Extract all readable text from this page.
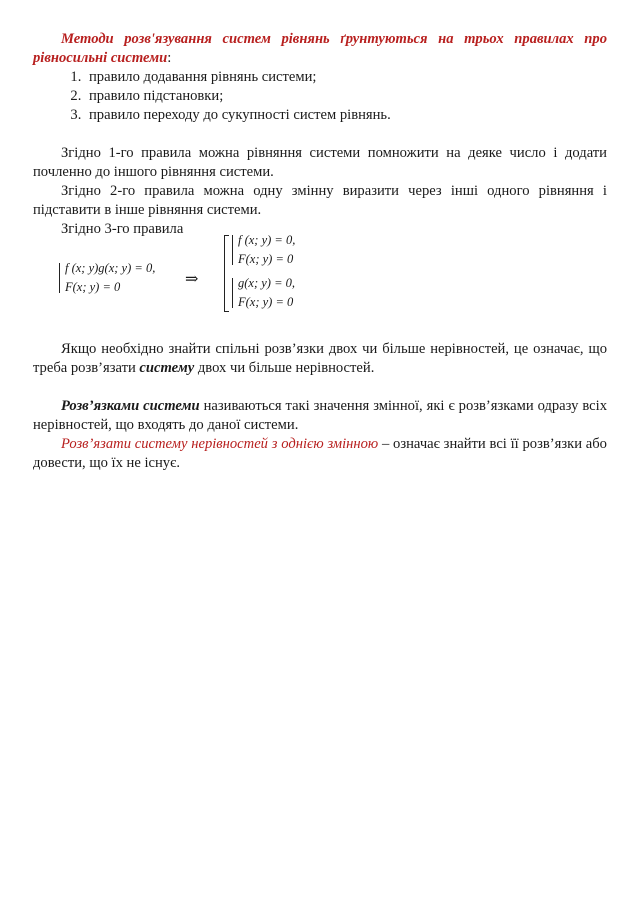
Методи розв'язування систем рівнянь ґрунтуються на трьох правилах про рівносильні системи:

1. правило додавання рівнянь системи;
2. правило підстановки;
3. правило переходу до сукупності систем рівнянь.

Згідно 1-го правила можна рівняння системи помножити на деяке число і додати почленно до іншого рівняння системи.

Згідно 2-го правила можна одну змінну виразити через інші одного рівняння і підставити в інше рівняння системи.

Згідно 3-го правила

f (x; y)g(x; y) = 0,
F(x; y) = 0	⇒
f (x; y) = 0,
F(x; y) = 0
g(x; y) = 0,
F(x; y) = 0

Якщо необхідно знайти спільні розв’язки двох чи більше нерівностей, це означає, що треба розв’язати систему двох чи більше нерівностей.

Розв’язками системи називаються такі значення змінної, які є розв’язками одразу всіх нерівностей, що входять до даної системи.

Розв’язати систему нерівностей з однією змінною – означає знайти всі її розв’язки або довести, що їх не існує.
